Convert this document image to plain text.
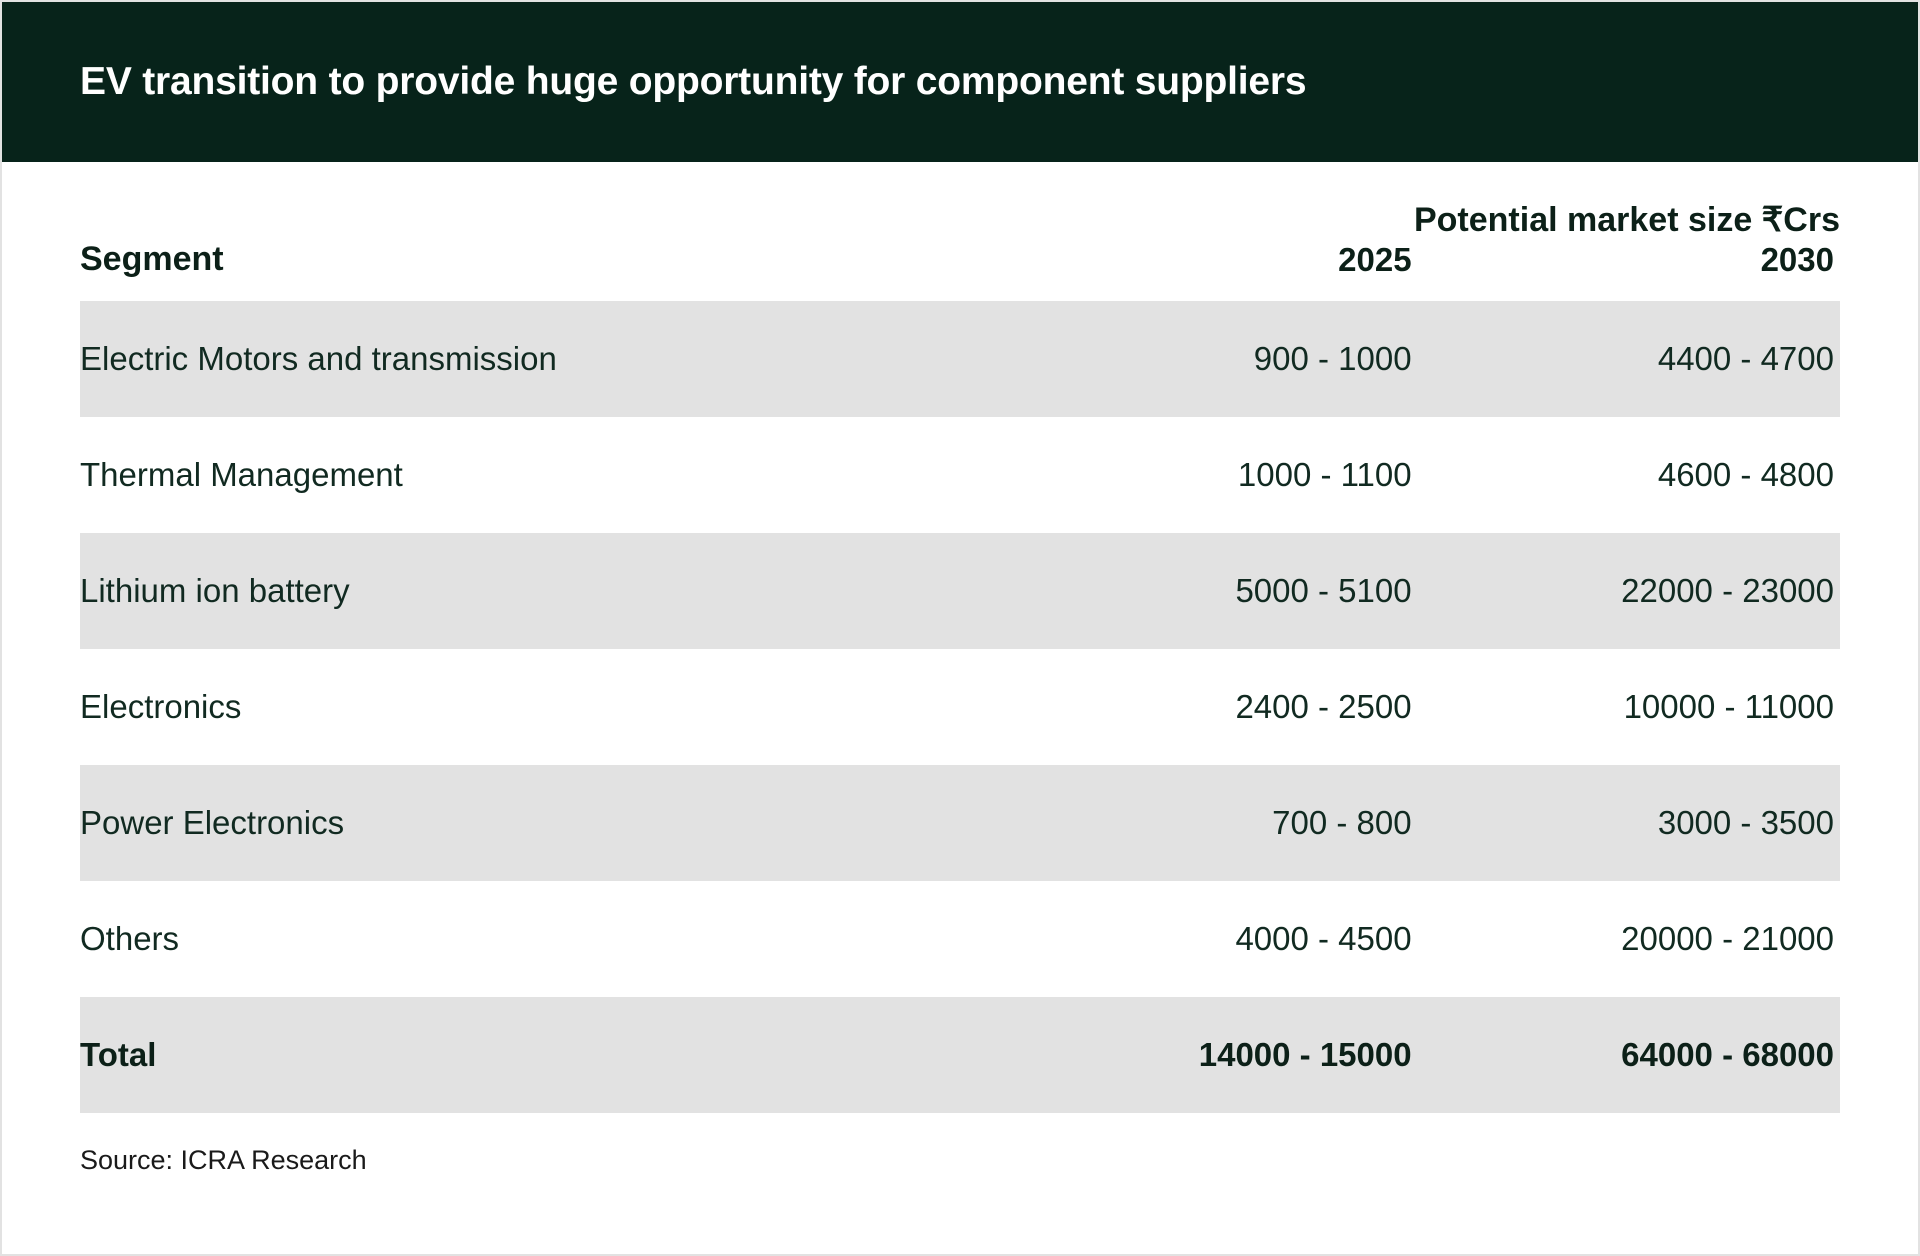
EV transition to provide huge opportunity for component suppliers
	Potential market size ₹Crs	
Segment	2025	2030
Electric Motors and transmission	900 - 1000	4400 - 4700
Thermal Management	1000 - 1100	4600 - 4800
Lithium ion battery	5000 - 5100	22000 - 23000
Electronics	2400 - 2500	10000 - 11000
Power Electronics	700 - 800	3000 - 3500
Others	4000 - 4500	20000 - 21000
Total	14000 - 15000	64000 - 68000
Source: ICRA Research
